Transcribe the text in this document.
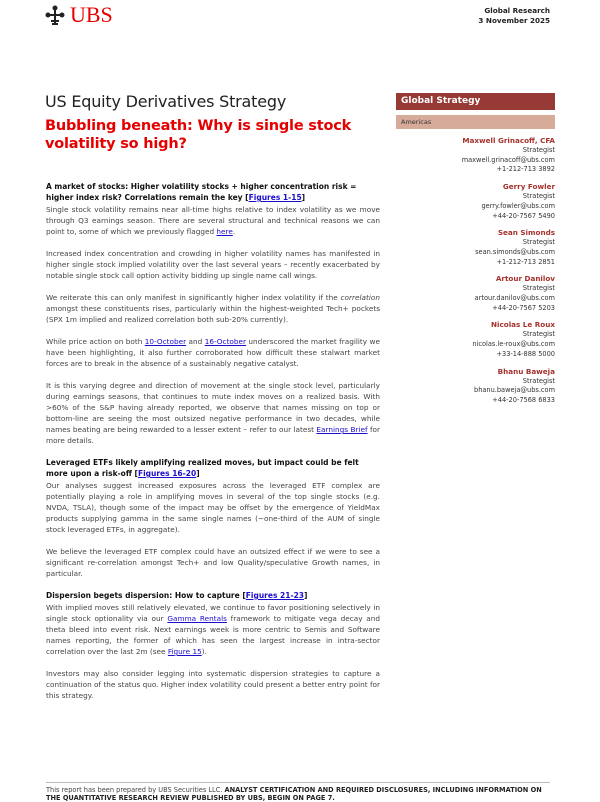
UBS	Global Research
3 November 2025
US Equity Derivatives Strategy
Bubbling beneath: Why is single stock volatility so high?
A market of stocks: Higher volatility stocks + higher concentration risk = higher index risk? Correlations remain the key [Figures 1-15]

Single stock volatility remains near all-time highs relative to index volatility as we move through Q3 earnings season. There are several structural and technical reasons we can point to, some of which we previously flagged here.

Increased index concentration and crowding in higher volatility names has manifested in higher single stock implied volatility over the last several years – recently exacerbated by notable single stock call option activity bidding up single name call wings.

We reiterate this can only manifest in significantly higher index volatility if the correlation amongst these constituents rises, particularly within the highest-weighted Tech+ pockets (SPX 1m implied and realized correlation both sub-20% currently).

While price action on both 10-October and 16-October underscored the market fragility we have been highlighting, it also further corroborated how difficult these stalwart market forces are to break in the absence of a sustainably negative catalyst.

It is this varying degree and direction of movement at the single stock level, particularly during earnings seasons, that continues to mute index moves on a realized basis. With >60% of the S&P having already reported, we observe that names missing on top or bottom-line are seeing the most outsized negative performance in two decades, while names beating are being rewarded to a lesser extent – refer to our latest Earnings Brief for more details.

Leveraged ETFs likely amplifying realized moves, but impact could be felt more upon a risk-off [Figures 16-20]

Our analyses suggest increased exposures across the leveraged ETF complex are potentially playing a role in amplifying moves in several of the top single stocks (e.g. NVDA, TSLA), though some of the impact may be offset by the emergence of YieldMax products supplying gamma in the same single names (~one-third of the AUM of single stock leveraged ETFs, in aggregate).

We believe the leveraged ETF complex could have an outsized effect if we were to see a significant re-correlation amongst Tech+ and low Quality/speculative Growth names, in particular.

Dispersion begets dispersion: How to capture [Figures 21-23]

With implied moves still relatively elevated, we continue to favor positioning selectively in single stock optionality via our Gamma Rentals framework to mitigate vega decay and theta bleed into event risk. Next earnings week is more centric to Semis and Software names reporting, the former of which has seen the largest increase in intra-sector correlation over the last 2m (see Figure 15).

Investors may also consider legging into systematic dispersion strategies to capture a continuation of the status quo. Higher index volatility could present a better entry point for this strategy.

Global Strategy
Americas
Maxwell Grinacoff, CFA
Strategist
maxwell.grinacoff@ubs.com
+1-212-713 3892
Gerry Fowler
Strategist
gerry.fowler@ubs.com
+44-20-7567 5490
Sean Simonds
Strategist
sean.simonds@ubs.com
+1-212-713 2851
Artour Danilov
Strategist
artour.danilov@ubs.com
+44-20-7567 5203
Nicolas Le Roux
Strategist
nicolas.le-roux@ubs.com
+33-14-888 5000
Bhanu Baweja
Strategist
bhanu.baweja@ubs.com
+44-20-7568 6833
This report has been prepared by UBS Securities LLC. ANALYST CERTIFICATION AND REQUIRED DISCLOSURES, INCLUDING INFORMATION ON THE QUANTITATIVE RESEARCH REVIEW PUBLISHED BY UBS, BEGIN ON PAGE 7.
